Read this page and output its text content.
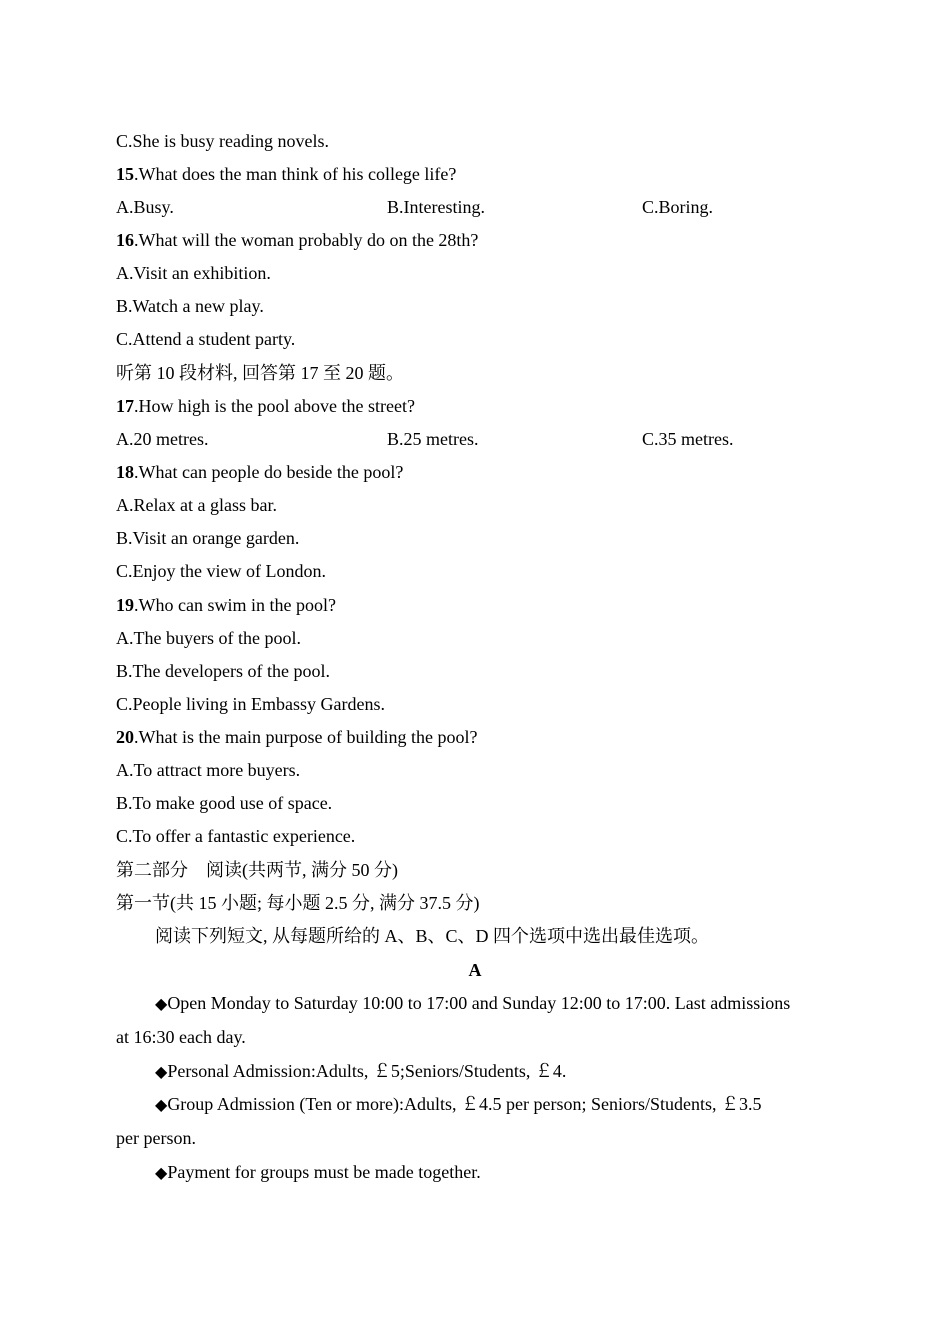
C.She is busy reading novels.
15.What does the man think of his college life?
A.Busy.	B.Interesting.	C.Boring.
16.What will the woman probably do on the 28th?
A.Visit an exhibition.
B.Watch a new play.
C.Attend a student party.
听第 10 段材料, 回答第 17 至 20 题。
17.How high is the pool above the street?
A.20 metres.	B.25 metres.	C.35 metres.
18.What can people do beside the pool?
A.Relax at a glass bar.
B.Visit an orange garden.
C.Enjoy the view of London.
19.Who can swim in the pool?
A.The buyers of the pool.
B.The developers of the pool.
C.People living in Embassy Gardens.
20.What is the main purpose of building the pool?
A.To attract more buyers.
B.To make good use of space.
C.To offer a fantastic experience.
第二部分 阅读(共两节, 满分 50 分)
第一节(共 15 小题; 每小题 2.5 分, 满分 37.5 分)
阅读下列短文, 从每题所给的 A、B、C、D 四个选项中选出最佳选项。
A
◆Open Monday to Saturday 10:00 to 17:00 and Sunday 12:00 to 17:00. Last admissions
at 16:30 each day.
◆Personal Admission:Adults, ￡5;Seniors/Students, ￡4.
◆Group Admission (Ten or more):Adults, ￡4.5 per person; Seniors/Students, ￡3.5
per person.
◆Payment for groups must be made together.
